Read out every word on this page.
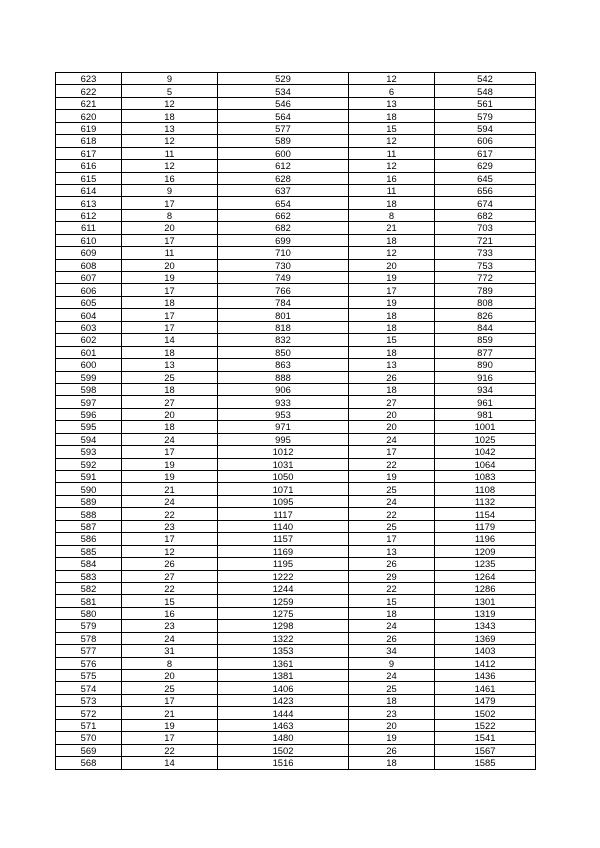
623	9	529	12	542
622	5	534	6	548
621	12	546	13	561
620	18	564	18	579
619	13	577	15	594
618	12	589	12	606
617	11	600	11	617
616	12	612	12	629
615	16	628	16	645
614	9	637	11	656
613	17	654	18	674
612	8	662	8	682
611	20	682	21	703
610	17	699	18	721
609	11	710	12	733
608	20	730	20	753
607	19	749	19	772
606	17	766	17	789
605	18	784	19	808
604	17	801	18	826
603	17	818	18	844
602	14	832	15	859
601	18	850	18	877
600	13	863	13	890
599	25	888	26	916
598	18	906	18	934
597	27	933	27	961
596	20	953	20	981
595	18	971	20	1001
594	24	995	24	1025
593	17	1012	17	1042
592	19	1031	22	1064
591	19	1050	19	1083
590	21	1071	25	1108
589	24	1095	24	1132
588	22	1117	22	1154
587	23	1140	25	1179
586	17	1157	17	1196
585	12	1169	13	1209
584	26	1195	26	1235
583	27	1222	29	1264
582	22	1244	22	1286
581	15	1259	15	1301
580	16	1275	18	1319
579	23	1298	24	1343
578	24	1322	26	1369
577	31	1353	34	1403
576	8	1361	9	1412
575	20	1381	24	1436
574	25	1406	25	1461
573	17	1423	18	1479
572	21	1444	23	1502
571	19	1463	20	1522
570	17	1480	19	1541
569	22	1502	26	1567
568	14	1516	18	1585
